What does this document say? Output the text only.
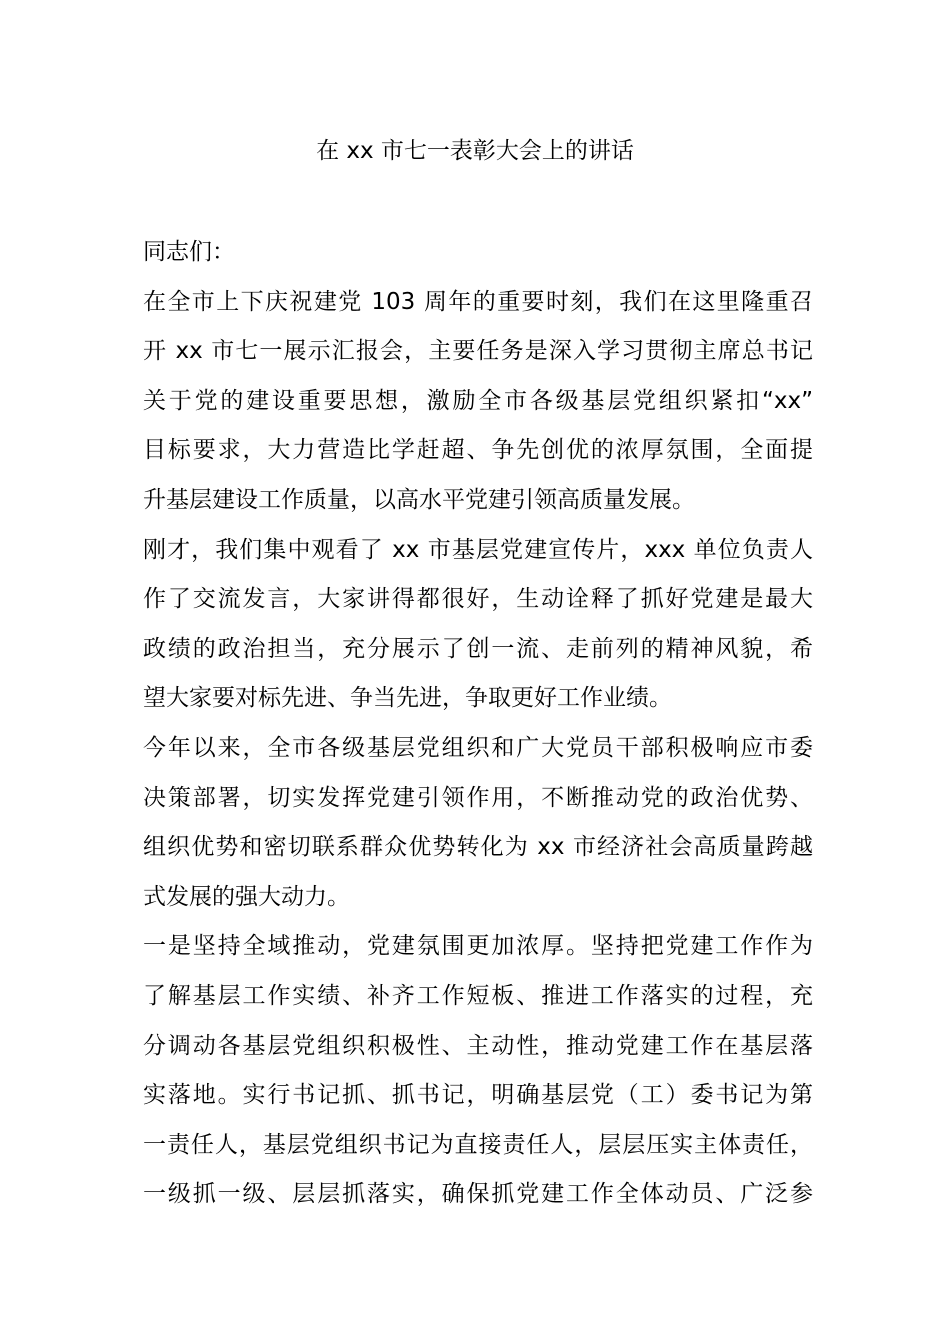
在 xx 市七一表彰大会上的讲话
同志们：
在全市上下庆祝建党 103 周年的重要时刻，我们在这里隆重召
开 xx 市七一展示汇报会，主要任务是深入学习贯彻主席总书记
关于党的建设重要思想，激励全市各级基层党组织紧扣“xx”
目标要求，大力营造比学赶超、争先创优的浓厚氛围，全面提
升基层建设工作质量，以高水平党建引领高质量发展。
刚才，我们集中观看了 xx 市基层党建宣传片，xxx 单位负责人
作了交流发言，大家讲得都很好，生动诠释了抓好党建是最大
政绩的政治担当，充分展示了创一流、走前列的精神风貌，希
望大家要对标先进、争当先进，争取更好工作业绩。
今年以来，全市各级基层党组织和广大党员干部积极响应市委
决策部署，切实发挥党建引领作用，不断推动党的政治优势、
组织优势和密切联系群众优势转化为 xx 市经济社会高质量跨越
式发展的强大动力。
一是坚持全域推动，党建氛围更加浓厚。坚持把党建工作作为
了解基层工作实绩、补齐工作短板、推进工作落实的过程，充
分调动各基层党组织积极性、主动性，推动党建工作在基层落
实落地。实行书记抓、抓书记，明确基层党（工）委书记为第
一责任人，基层党组织书记为直接责任人，层层压实主体责任，
一级抓一级、层层抓落实，确保抓党建工作全体动员、广泛参
